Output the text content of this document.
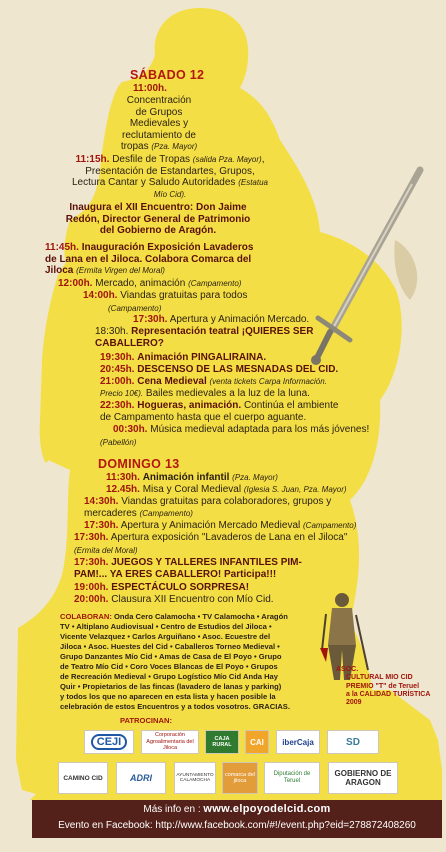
SÁBADO 12
11:00h.
Concentración de Grupos Medievales y reclutamiento de tropas (Pza. Mayor)
11:15h. Desfile de Tropas (salida Pza. Mayor), Presentación de Estandartes, Grupos, Lectura Cantar y Saludo Autoridades (Estatua Mío Cid).
Inaugura el XII Encuentro: Don Jaime Redón, Director General de Patrimonio del Gobierno de Aragón.
11:45h. Inauguración Exposición Lavaderos de Lana en el Jiloca. Colabora Comarca del Jiloca (Ermita Virgen del Moral)
12:00h. Mercado, animación (Campamento)
14:00h. Viandas gratuitas para todos
(Campamento)
17:30h. Apertura y Animación Mercado.
18:30h. Representación teatral ¡QUIERES SER CABALLERO?
19:30h. Animación PINGALIRAINA.
20:45h. DESCENSO DE LAS MESNADAS DEL CID.
21:00h. Cena Medieval (venta tickets Carpa Información. Precio 10€). Bailes medievales a la luz de la luna.
22:30h. Hogueras, animación. Continúa el ambiente de Campamento hasta que el cuerpo aguante.
00:30h. Música medieval adaptada para los más jóvenes!
(Pabellón)
DOMINGO 13
11:30h. Animación infantil (Pza. Mayor)
12.45h. Misa y Coral Medieval (Iglesia S. Juan, Pza. Mayor)
14:30h. Viandas gratuitas para colaboradores, grupos y mercaderes (Campamento)
17:30h. Apertura y Animación Mercado Medieval (Campamento)
17:30h. Apertura exposición "Lavaderos de Lana en el Jiloca"
(Ermita del Moral)
17:30h. JUEGOS Y TALLERES INFANTILES PIM-PAM!... YA ERES CABALLERO! Participa!!!
19:00h. ESPECTÁCULO SORPRESA!
20:00h. Clausura XII Encuentro con Mío Cid.
COLABORAN: Onda Cero Calamocha • TV Calamocha • Aragón
TV • Altiplano Audiovisual • Centro de Estudios del Jiloca •
Vicente Velazquez • Carlos Arguiñano • Asoc. Ecuestre del
Jiloca • Asoc. Huestes del Cid • Caballeros Torneo Medieval •
Grupo Danzantes Mío Cid • Amas de Casa de El Poyo • Grupo
de Teatro Mío Cid • Coro Voces Blancas de El Poyo • Grupos
de Recreación Medieval • Grupo Logístico Mío Cid Anda Hay
Quir • Propietarios de las fincas (lavadero de lanas y parking)
y todos los que no aparecen en esta lista y hacen posible la
celebración de estos Encuentros y a todos vosotros. GRACIAS.
ASOC.
CULTURAL MIO CID
PREMIO "T" de Teruel
a la CALIDAD TURÍSTICA
2009
PATROCINAN:
CEJI
Corporación Agroalimentaria del Jiloca
CAJA RURAL	CAI iberCaja	SD
CAMINO CID	ADRI	AYUNTAMIENTO CALAMOCHA
comarca del jiloca
Diputación de Teruel
GOBIERNO DE ARAGON
Más info en : www.elpoyodelcid.com
Evento en Facebook: http://www.facebook.com/#!/event.php?eid=278872408260
